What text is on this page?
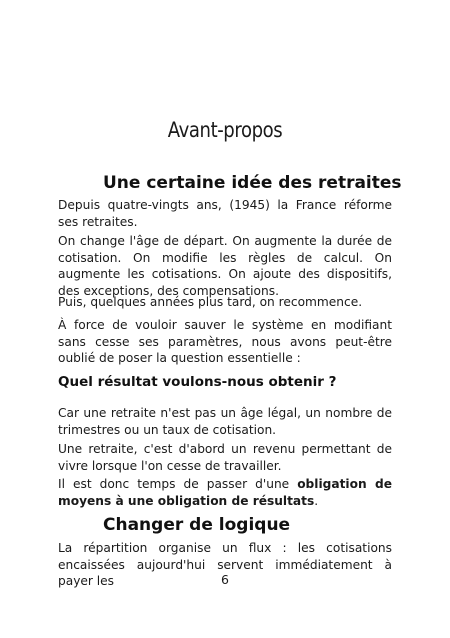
Avant-propos
Une certaine idée des retraites

Depuis quatre-vingts ans, (1945) la France réforme ses retraites.

On change l'âge de départ. On augmente la durée de cotisation. On modifie les règles de calcul. On augmente les cotisations. On ajoute des dispositifs, des exceptions, des compensations.

Puis, quelques années plus tard, on recommence.

À force de vouloir sauver le système en modifiant sans cesse ses paramètres, nous avons peut-être oublié de poser la question essentielle :

Quel résultat voulons-nous obtenir ?

Car une retraite n'est pas un âge légal, un nombre de trimestres ou un taux de cotisation.

Une retraite, c'est d'abord un revenu permettant de vivre lorsque l'on cesse de travailler.

Il est donc temps de passer d'une obligation de moyens à une obligation de résultats.

Changer de logique

La répartition organise un flux : les cotisations encaissées aujourd'hui servent immédiatement à payer les	6
